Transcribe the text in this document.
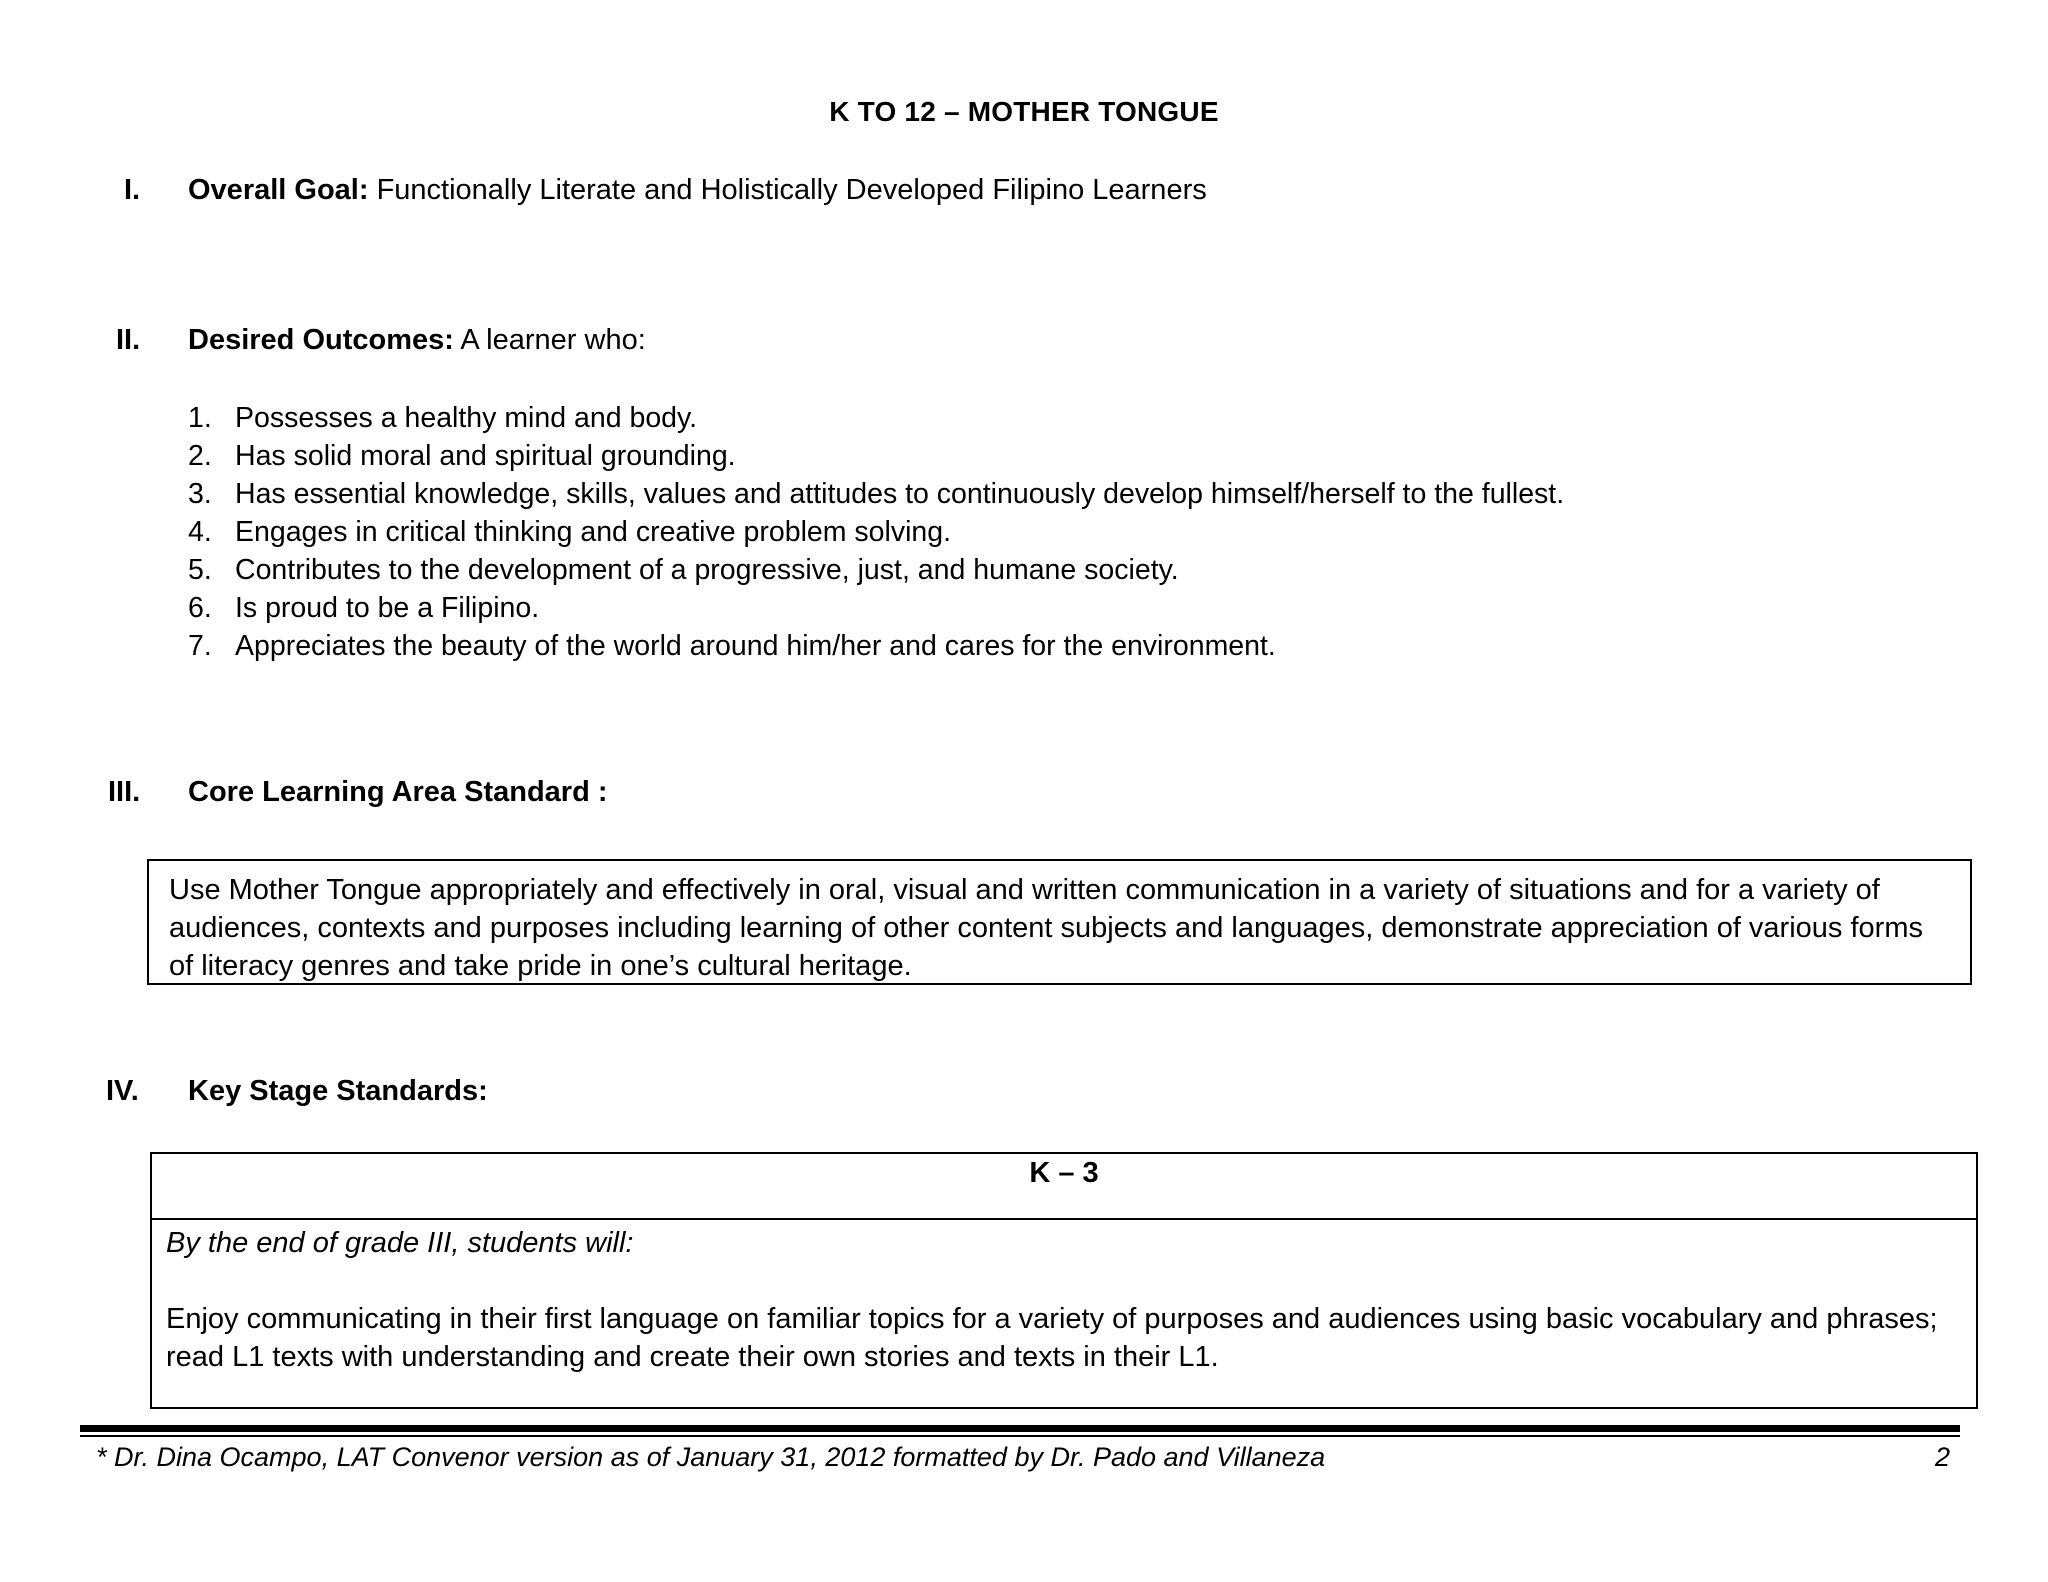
K TO 12 – MOTHER TONGUE
I. Overall Goal: Functionally Literate and Holistically Developed Filipino Learners
II. Desired Outcomes: A learner who:
1. Possesses a healthy mind and body.
2. Has solid moral and spiritual grounding.
3. Has essential knowledge, skills, values and attitudes to continuously develop himself/herself to the fullest.
4. Engages in critical thinking and creative problem solving.
5. Contributes to the development of a progressive, just, and humane society.
6. Is proud to be a Filipino.
7. Appreciates the beauty of the world around him/her and cares for the environment.
III. Core Learning Area Standard :
Use Mother Tongue appropriately and effectively in oral, visual and written communication in a variety of situations and for a variety of audiences, contexts and purposes including learning of other content subjects and languages, demonstrate appreciation of various forms of literacy genres and take pride in one’s cultural heritage.
IV. Key Stage Standards:
K – 3
By the end of grade III, students will:
Enjoy communicating in their first language on familiar topics for a variety of purposes and audiences using basic vocabulary and phrases; read L1 texts with understanding and create their own stories and texts in their L1.
* Dr. Dina Ocampo, LAT Convenor version as of January 31, 2012 formatted by Dr. Pado and Villaneza	2
